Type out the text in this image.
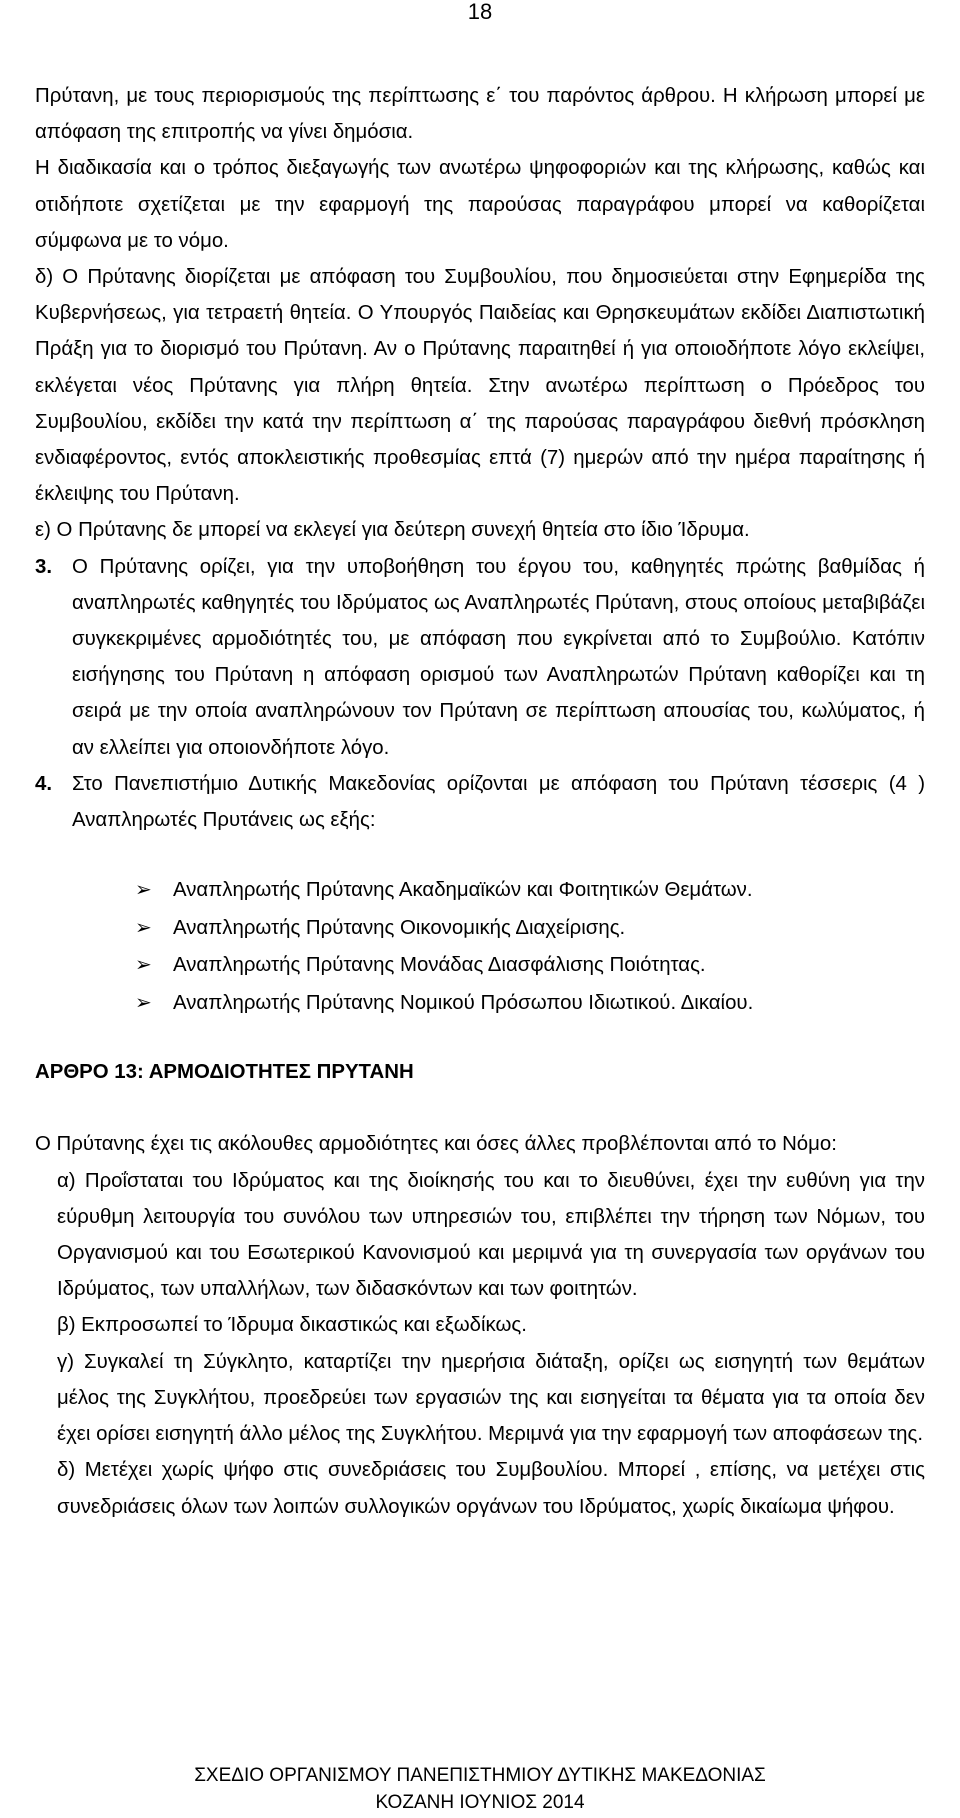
18

Πρύτανη, με τους περιορισμούς της περίπτωσης ε΄ του παρόντος άρθρου. Η κλήρωση μπορεί με απόφαση της επιτροπής να γίνει δημόσια.

Η διαδικασία και ο τρόπος διεξαγωγής των ανωτέρω ψηφοφοριών και της κλήρωσης, καθώς και οτιδήποτε σχετίζεται με την εφαρμογή της παρούσας παραγράφου μπορεί να καθορίζεται σύμφωνα με το νόμο.

δ) Ο Πρύτανης διορίζεται με απόφαση του Συμβουλίου, που δημοσιεύεται στην Εφημερίδα της Κυβερνήσεως, για τετραετή θητεία. Ο Υπουργός Παιδείας και Θρησκευμάτων εκδίδει Διαπιστωτική Πράξη για το διορισμό του Πρύτανη. Αν ο Πρύτανης παραιτηθεί ή για οποιοδήποτε λόγο εκλείψει, εκλέγεται νέος Πρύτανης για πλήρη θητεία. Στην ανωτέρω περίπτωση ο Πρόεδρος του Συμβουλίου, εκδίδει την κατά την περίπτωση α΄ της παρούσας παραγράφου διεθνή πρόσκληση ενδιαφέροντος, εντός αποκλειστικής προθεσμίας επτά (7) ημερών από την ημέρα παραίτησης ή έκλειψης του Πρύτανη.

ε) Ο Πρύτανης δε μπορεί να εκλεγεί για δεύτερη συνεχή θητεία στο ίδιο Ίδρυμα.

3. Ο Πρύτανης ορίζει, για την υποβοήθηση του έργου του, καθηγητές πρώτης βαθμίδας ή αναπληρωτές καθηγητές του Ιδρύματος ως Αναπληρωτές Πρύτανη, στους οποίους μεταβιβάζει συγκεκριμένες αρμοδιότητές του, με απόφαση που εγκρίνεται από το Συμβούλιο. Κατόπιν εισήγησης του Πρύτανη η απόφαση ορισμού των Αναπληρωτών Πρύτανη καθορίζει και τη σειρά με την οποία αναπληρώνουν τον Πρύτανη σε περίπτωση απουσίας του, κωλύματος, ή αν ελλείπει για οποιονδήποτε λόγο.
4. Στο Πανεπιστήμιο Δυτικής Μακεδονίας ορίζονται με απόφαση του Πρύτανη τέσσερις (4 ) Αναπληρωτές Πρυτάνεις ως εξής:
➢	Αναπληρωτής Πρύτανης Ακαδημαϊκών και Φοιτητικών Θεμάτων.
➢	Αναπληρωτής Πρύτανης Οικονομικής Διαχείρισης.
➢	Αναπληρωτής Πρύτανης Μονάδας Διασφάλισης Ποιότητας.
➢	Αναπληρωτής Πρύτανης Νομικού Πρόσωπου Ιδιωτικού. Δικαίου.

ΑΡΘΡΟ 13: ΑΡΜΟΔΙΟΤΗΤΕΣ ΠΡΥΤΑΝΗ

Ο Πρύτανης έχει τις ακόλουθες αρμοδιότητες και όσες άλλες προβλέπονται από το Νόμο:

α) Προΐσταται του Ιδρύματος και της διοίκησής του και το διευθύνει, έχει την ευθύνη για την εύρυθμη λειτουργία του συνόλου των υπηρεσιών του, επιβλέπει την τήρηση των Νόμων, του Οργανισμού και του Εσωτερικού Κανονισμού και μεριμνά για τη συνεργασία των οργάνων του Ιδρύματος, των υπαλλήλων, των διδασκόντων και των φοιτητών.

β) Εκπροσωπεί το Ίδρυμα δικαστικώς και εξωδίκως.

γ) Συγκαλεί τη Σύγκλητο, καταρτίζει την ημερήσια διάταξη, ορίζει ως εισηγητή των θεμάτων μέλος της Συγκλήτου, προεδρεύει των εργασιών της και εισηγείται τα θέματα για τα οποία δεν έχει ορίσει εισηγητή άλλο μέλος της Συγκλήτου. Μεριμνά για την εφαρμογή των αποφάσεων της.

δ) Μετέχει χωρίς ψήφο στις συνεδριάσεις του Συμβουλίου. Μπορεί , επίσης, να μετέχει στις συνεδριάσεις όλων των λοιπών συλλογικών οργάνων του Ιδρύματος, χωρίς δικαίωμα ψήφου.

ΣΧΕΔΙΟ ΟΡΓΑΝΙΣΜΟΥ ΠΑΝΕΠΙΣΤΗΜΙΟΥ ΔΥΤΙΚΗΣ ΜΑΚΕΔΟΝΙΑΣ
ΚΟΖΑΝΗ ΙΟΥΝΙΟΣ 2014
